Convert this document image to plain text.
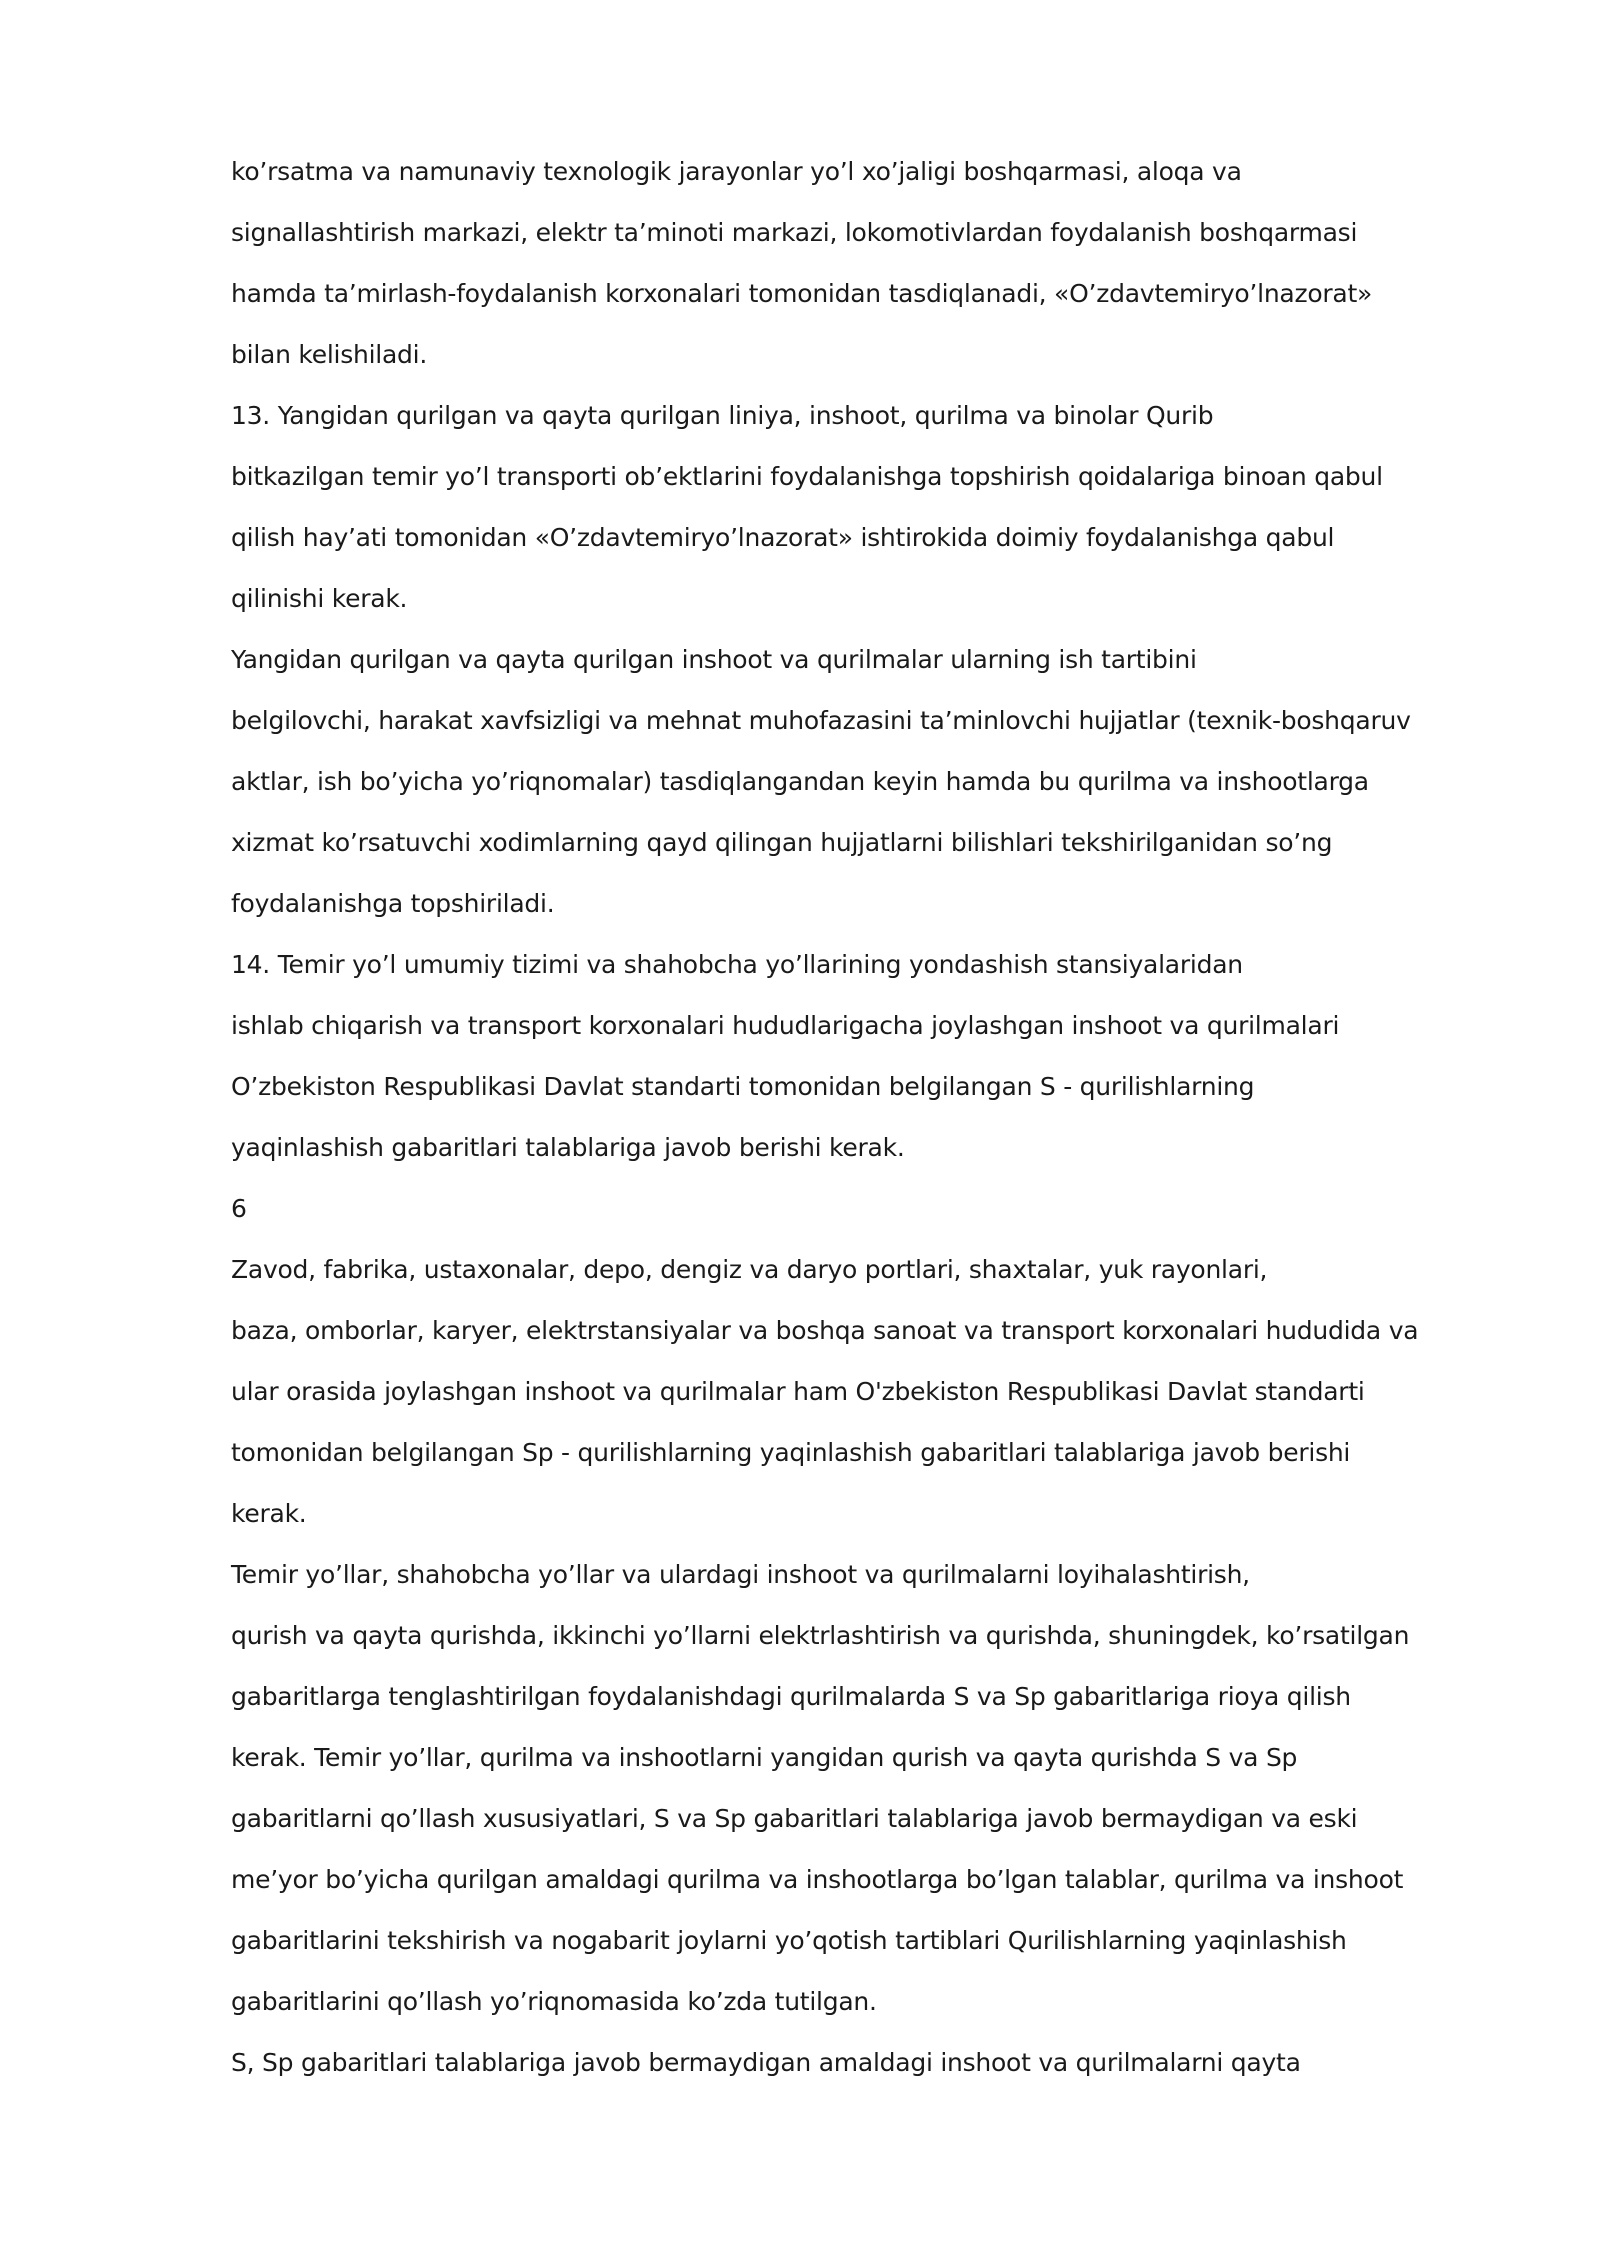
ko’rsatma va namunaviy texnologik jarayonlar yo’l xo’jaligi boshqarmasi, aloqa va
signallashtirish markazi, elektr ta’minoti markazi, lokomotivlardan foydalanish boshqarmasi
hamda ta’mirlash-foydalanish korxonalari tomonidan tasdiqlanadi, «O’zdavtemiryo’lnazorat»
bilan kelishiladi.
13. Yangidan qurilgan va qayta qurilgan liniya, inshoot, qurilma va binolar Qurib
bitkazilgan temir yo’l transporti ob’ektlarini foydalanishga topshirish qoidalariga binoan qabul
qilish hay’ati tomonidan «O’zdavtemiryo’lnazorat» ishtirokida doimiy foydalanishga qabul
qilinishi kerak.
Yangidan qurilgan va qayta qurilgan inshoot va qurilmalar ularning ish tartibini
belgilovchi, harakat xavfsizligi va mehnat muhofazasini ta’minlovchi hujjatlar (texnik-boshqaruv
aktlar, ish bo’yicha yo’riqnomalar) tasdiqlangandan keyin hamda bu qurilma va inshootlarga
xizmat ko’rsatuvchi xodimlarning qayd qilingan hujjatlarni bilishlari tekshirilganidan so’ng
foydalanishga topshiriladi.
14. Temir yo’l umumiy tizimi va shahobcha yo’llarining yondashish stansiyalaridan
ishlab chiqarish va transport korxonalari hududlarigacha joylashgan inshoot va qurilmalari
O’zbekiston Respublikasi Davlat standarti tomonidan belgilangan S - qurilishlarning
yaqinlashish gabaritlari talablariga javob berishi kerak.
6
Zavod, fabrika, ustaxonalar, depo, dengiz va daryo portlari, shaxtalar, yuk rayonlari,
baza, omborlar, karyer, elektrstansiyalar va boshqa sanoat va transport korxonalari hududida va
ular orasida joylashgan inshoot va qurilmalar ham O'zbekiston Respublikasi Davlat standarti
tomonidan belgilangan Sp - qurilishlarning yaqinlashish gabaritlari talablariga javob berishi
kerak.
Temir yo’llar, shahobcha yo’llar va ulardagi inshoot va qurilmalarni loyihalashtirish,
qurish va qayta qurishda, ikkinchi yo’llarni elektrlashtirish va qurishda, shuningdek, ko’rsatilgan
gabaritlarga tenglashtirilgan foydalanishdagi qurilmalarda S va Sp gabaritlariga rioya qilish
kerak. Temir yo’llar, qurilma va inshootlarni yangidan qurish va qayta qurishda S va Sp
gabaritlarni qo’llash xususiyatlari, S va Sp gabaritlari talablariga javob bermaydigan va eski
me’yor bo’yicha qurilgan amaldagi qurilma va inshootlarga bo’lgan talablar, qurilma va inshoot
gabaritlarini tekshirish va nogabarit joylarni yo’qotish tartiblari Qurilishlarning yaqinlashish
gabaritlarini qo’llash yo’riqnomasida ko’zda tutilgan.
S, Sp gabaritlari talablariga javob bermaydigan amaldagi inshoot va qurilmalarni qayta
